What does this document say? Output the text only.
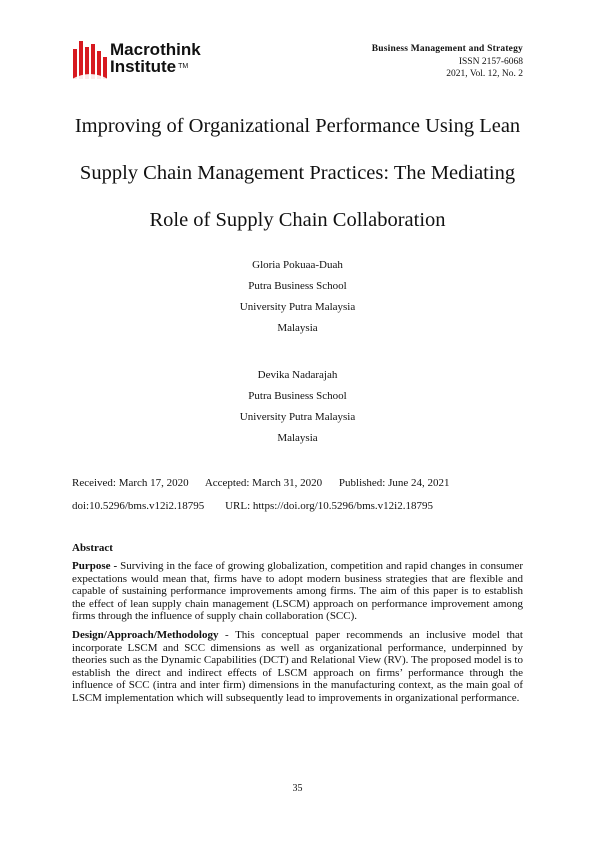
Macrothink
Institute ™
Business Management and Strategy
ISSN 2157-6068
2021, Vol. 12, No. 2
Improving of Organizational Performance Using Lean
Supply Chain Management Practices: The Mediating
Role of Supply Chain Collaboration
Gloria Pokuaa-Duah
Putra Business School
University Putra Malaysia
Malaysia
Devika Nadarajah
Putra Business School
University Putra Malaysia
Malaysia
Received: March 17, 2020 Accepted: March 31, 2020 Published: June 24, 2021
doi:10.5296/bms.v12i2.18795 URL: https://doi.org/10.5296/bms.v12i2.18795
Abstract

Purpose - Surviving in the face of growing globalization, competition and rapid changes in consumer expectations would mean that, firms have to adopt modern business strategies that are flexible and capable of sustaining performance improvements among firms. The aim of this paper is to establish the effect of lean supply chain management (LSCM) approach on performance improvement among firms through the influence of supply chain collaboration (SCC).

Design/Approach/Methodology - This conceptual paper recommends an inclusive model that incorporate LSCM and SCC dimensions as well as organizational performance, underpinned by theories such as the Dynamic Capabilities (DCT) and Relational View (RV). The proposed model is to establish the direct and indirect effects of LSCM approach on firms’ performance through the influence of SCC (intra and inter firm) dimensions in the manufacturing context, as the main goal of LSCM implementation which will subsequently lead to improvements in organizational performance.

35
